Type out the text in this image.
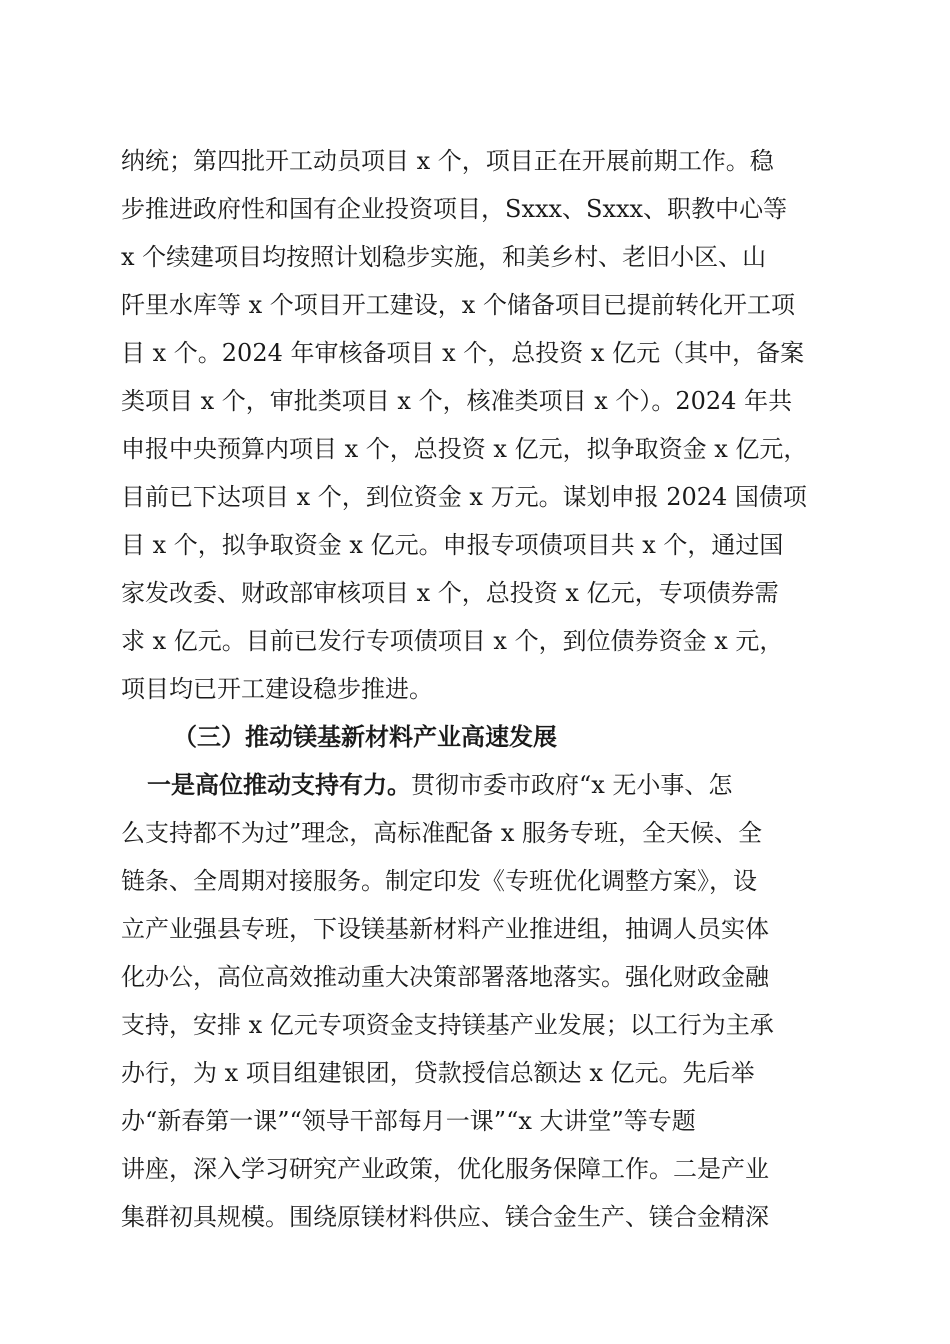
纳统；第四批开工动员项目 x 个，项目正在开展前期工作。稳
步推进政府性和国有企业投资项目，Sxxx、Sxxx、职教中心等
x 个续建项目均按照计划稳步实施，和美乡村、老旧小区、山
阡里水库等 x 个项目开工建设，x 个储备项目已提前转化开工项
目 x 个。2024 年审核备项目 x 个，总投资 x 亿元（其中，备案
类项目 x 个，审批类项目 x 个，核准类项目 x 个）。2024 年共
申报中央预算内项目 x 个，总投资 x 亿元，拟争取资金 x 亿元，
目前已下达项目 x 个，到位资金 x 万元。谋划申报 2024 国债项
目 x 个，拟争取资金 x 亿元。申报专项债项目共 x 个，通过国
家发改委、财政部审核项目 x 个，总投资 x 亿元，专项债券需
求 x 亿元。目前已发行专项债项目 x 个，到位债券资金 x 元，
项目均已开工建设稳步推进。
（三）推动镁基新材料产业高速发展
一是高位推动支持有力。贯彻市委市政府“x 无小事、怎
么支持都不为过”理念，高标准配备 x 服务专班，全天候、全
链条、全周期对接服务。制定印发《专班优化调整方案》，设
立产业强县专班，下设镁基新材料产业推进组，抽调人员实体
化办公，高位高效推动重大决策部署落地落实。强化财政金融
支持，安排 x 亿元专项资金支持镁基产业发展；以工行为主承
办行，为 x 项目组建银团，贷款授信总额达 x 亿元。先后举
办“新春第一课”“领导干部每月一课”“x 大讲堂”等专题
讲座，深入学习研究产业政策，优化服务保障工作。二是产业
集群初具规模。围绕原镁材料供应、镁合金生产、镁合金精深
